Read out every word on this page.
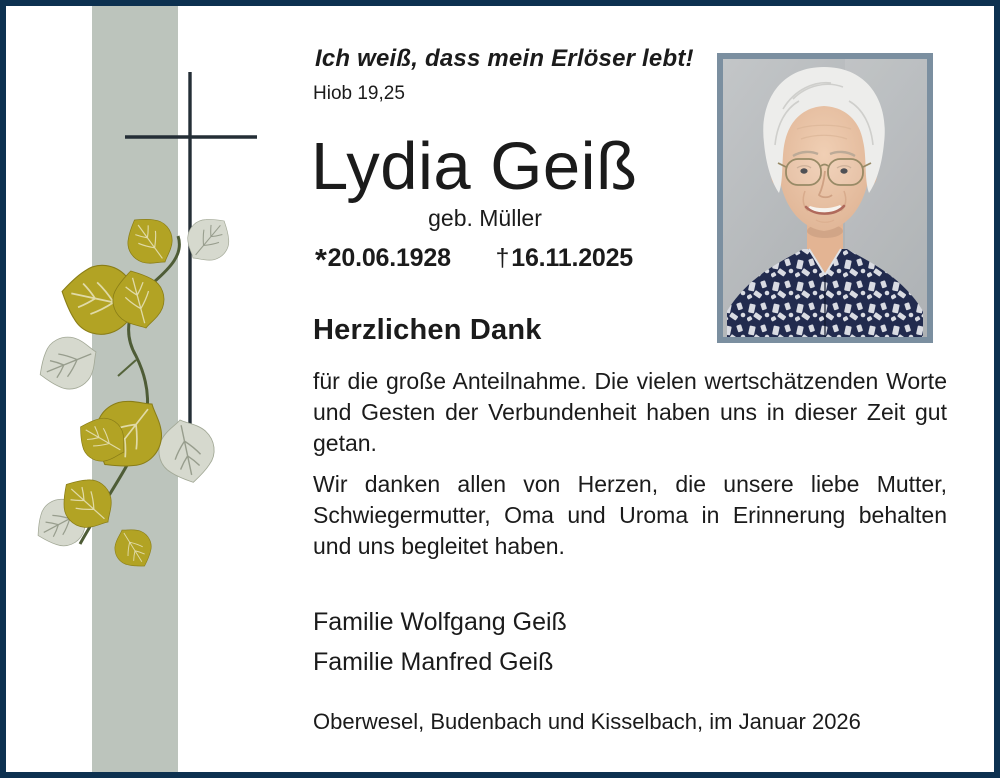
Ich weiß, dass mein Erlöser lebt!

Hiob 19,25

Lydia Geiß

geb. Müller

*20.06.1928 †16.11.2025

Herzlichen Dank

für die große Anteilnahme. Die vielen wertschätzenden Worte und Gesten der Verbundenheit haben uns in dieser Zeit gut getan.

Wir danken allen von Herzen, die unsere liebe Mutter, Schwiegermutter, Oma und Uroma in Erinnerung behalten und uns begleitet haben.

Familie Wolfgang Geiß

Familie Manfred Geiß

Oberwesel, Budenbach und Kisselbach, im Januar 2026
